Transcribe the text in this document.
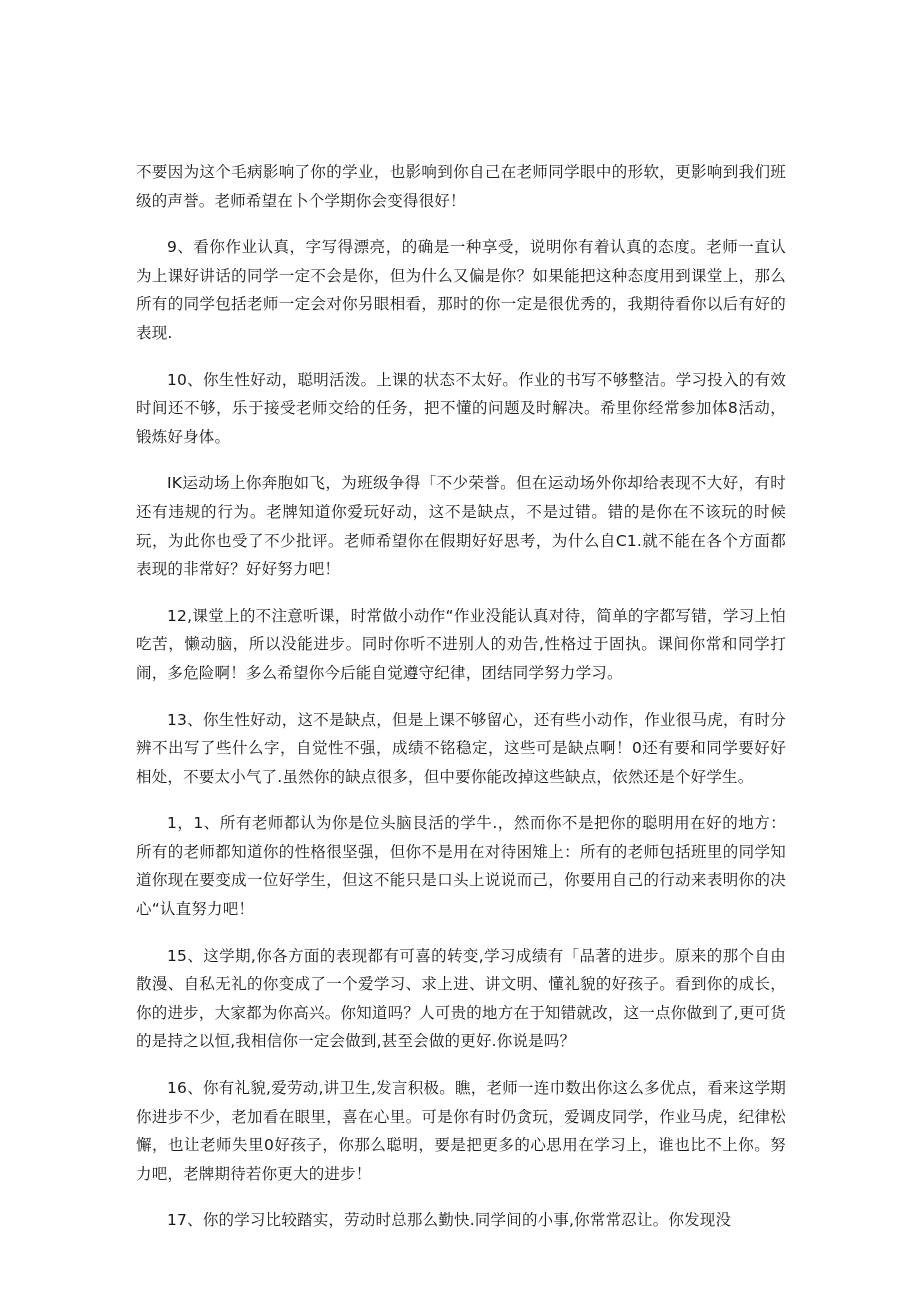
不要因为这个毛病影响了你的学业，也影响到你自己在老师同学眼中的形软，更影响到我们班级的声誉。老师希望在卜个学期你会变得很好！

9、看你作业认真，字写得漂亮，的确是一种享受，说明你有着认真的态度。老师一直认为上课好讲话的同学一定不会是你，但为什么又偏是你？如果能把这种态度用到课堂上，那么所有的同学包括老师一定会对你另眼相看，那时的你一定是很优秀的，我期待看你以后有好的表现.

10、你生性好动，聪明活泼。上课的状态不太好。作业的书写不够整洁。学习投入的有效时间还不够，乐于接受老师交给的任务，把不懂的问题及时解决。希里你经常参加体8活动，锻炼好身体。

IK运动场上你奔胞如飞，为班级争得「不少荣誉。但在运动场外你却给表现不大好，有时还有违规的行为。老牌知道你爱玩好动，这不是缺点，不是过错。错的是你在不该玩的时候玩，为此你也受了不少批评。老师希望你在假期好好思考，为什么自C1.就不能在各个方面都表现的非常好？好好努力吧！

12,课堂上的不注意听课，时常做小动作“作业没能认真对待，简单的字都写错，学习上怕吃苦，懒动脑，所以没能进步。同时你听不进别人的劝告,性格过于固执。课间你常和同学打闹，多危险啊！多么希望你今后能自觉遵守纪律，团结同学努力学习。

13、你生性好动，这不是缺点，但是上课不够留心，还有些小动作，作业很马虎，有时分辨不出写了些什么字，自觉性不强，成绩不铭稳定，这些可是缺点啊！0还有要和同学要好好相处，不要太小气了.虽然你的缺点很多，但中要你能改掉这些缺点，依然还是个好学生。

1，1、所有老师都认为你是位头脑艮活的学牛.，然而你不是把你的聪明用在好的地方：所有的老师都知道你的性格很坚强，但你不是用在对待困雉上：所有的老师包括班里的同学知道你现在要变成一位好学生，但这不能只是口头上说说而己，你要用自己的行动来表明你的决心“认直努力吧！

15、这学期,你各方面的表现都有可喜的转变,学习成绩有「品著的进步。原来的那个自由散漫、自私无礼的你变成了一个爱学习、求上进、讲文明、懂礼貌的好孩子。看到你的成长，你的进步，大家都为你高兴。你知道吗？人可贵的地方在于知错就改，这一点你做到了,更可货的是持之以恒,我相信你一定会做到,甚至会做的更好.你说是吗？

16、你有礼貌,爱劳动,讲卫生,发言积极。瞧，老师一连巾数出你这么多优点，看来这学期你进步不少，老加看在眼里，喜在心里。可是你有时仍贪玩，爱调皮同学，作业马虎，纪律松懈，也让老师失里0好孩子，你那么聪明，要是把更多的心思用在学习上，谁也比不上你。努力吧，老牌期待若你更大的进步！

17、你的学习比较踏实，劳动时总那么勤快.同学间的小事,你常常忍让。你发现没
